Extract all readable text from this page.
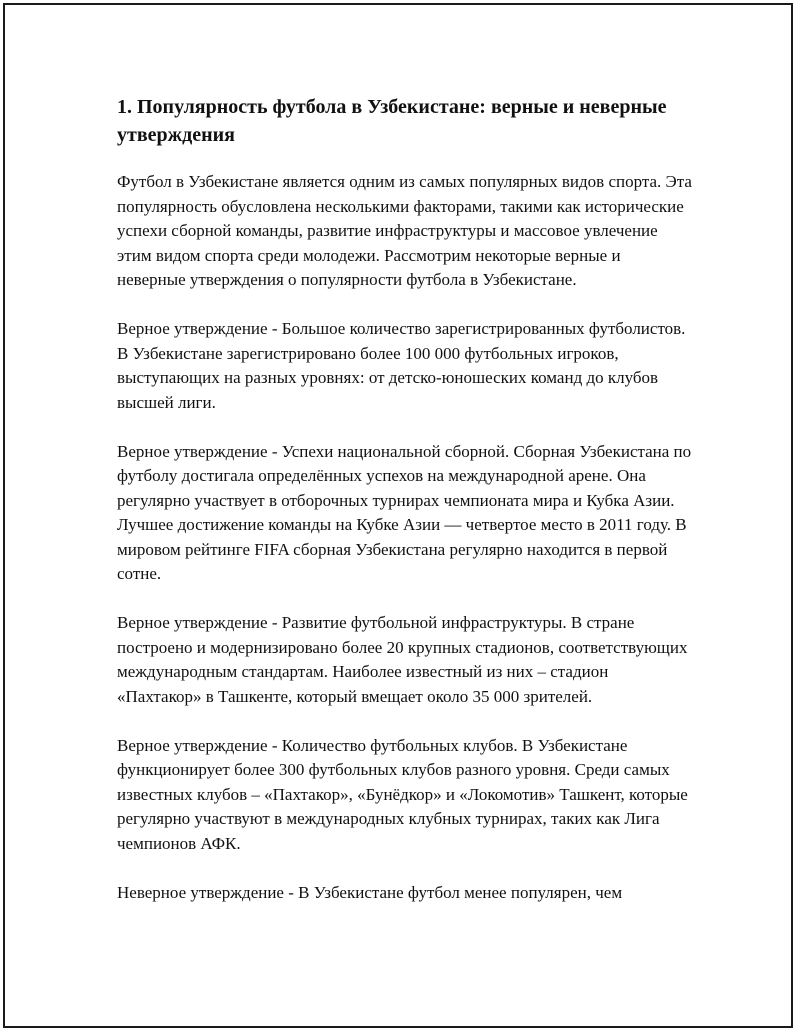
1. Популярность футбола в Узбекистане: верные и неверные утверждения

Футбол в Узбекистане является одним из самых популярных видов спорта. Эта популярность обусловлена несколькими факторами, такими как исторические успехи сборной команды, развитие инфраструктуры и массовое увлечение этим видом спорта среди молодежи. Рассмотрим некоторые верные и неверные утверждения о популярности футбола в Узбекистане.

Верное утверждение - Большое количество зарегистрированных футболистов. В Узбекистане зарегистрировано более 100 000 футбольных игроков, выступающих на разных уровнях: от детско-юношеских команд до клубов высшей лиги.

Верное утверждение - Успехи национальной сборной. Сборная Узбекистана по футболу достигала определённых успехов на международной арене. Она регулярно участвует в отборочных турнирах чемпионата мира и Кубка Азии. Лучшее достижение команды на Кубке Азии — четвертое место в 2011 году. В мировом рейтинге FIFA сборная Узбекистана регулярно находится в первой сотне.

Верное утверждение - Развитие футбольной инфраструктуры. В стране построено и модернизировано более 20 крупных стадионов, соответствующих международным стандартам. Наиболее известный из них – стадион «Пахтакор» в Ташкенте, который вмещает около 35 000 зрителей.

Верное утверждение - Количество футбольных клубов. В Узбекистане функционирует более 300 футбольных клубов разного уровня. Среди самых известных клубов – «Пахтакор», «Бунёдкор» и «Локомотив» Ташкент, которые регулярно участвуют в международных клубных турнирах, таких как Лига чемпионов АФК.

Неверное утверждение - В Узбекистане футбол менее популярен, чем
